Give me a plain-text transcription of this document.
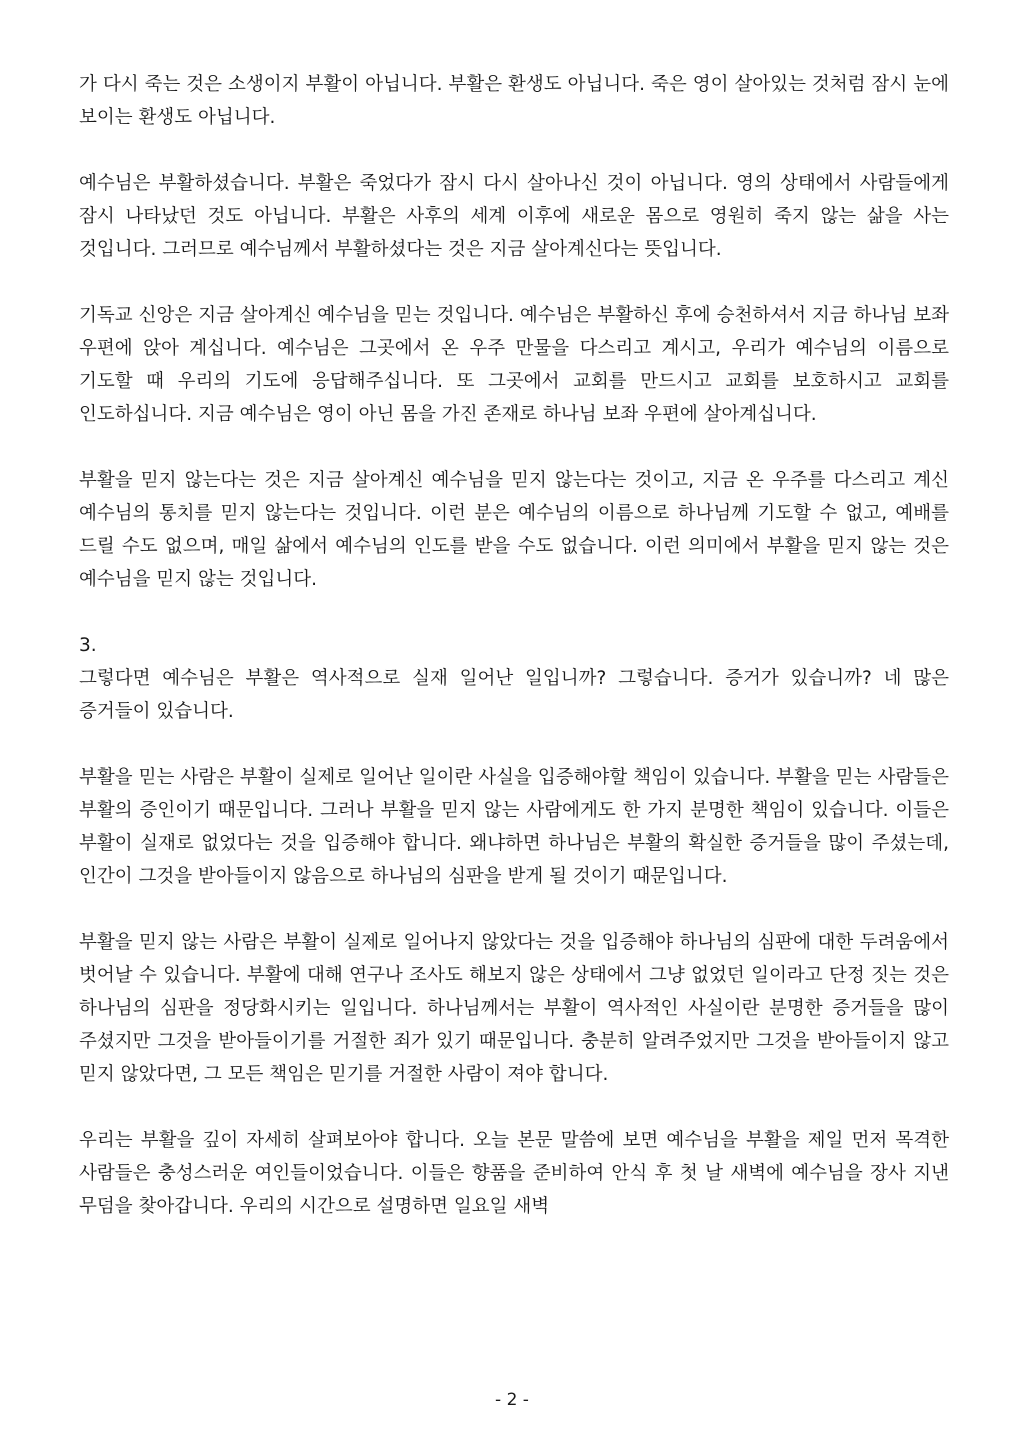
가 다시 죽는 것은 소생이지 부활이 아닙니다. 부활은 환생도 아닙니다. 죽은 영이 살아있는 것처럼 잠시 눈에 보이는 환생도 아닙니다.

예수님은 부활하셨습니다. 부활은 죽었다가 잠시 다시 살아나신 것이 아닙니다. 영의 상태에서 사람들에게 잠시 나타났던 것도 아닙니다. 부활은 사후의 세계 이후에 새로운 몸으로 영원히 죽지 않는 삶을 사는 것입니다. 그러므로 예수님께서 부활하셨다는 것은 지금 살아계신다는 뜻입니다.

기독교 신앙은 지금 살아계신 예수님을 믿는 것입니다. 예수님은 부활하신 후에 승천하셔서 지금 하나님 보좌 우편에 앉아 계십니다. 예수님은 그곳에서 온 우주 만물을 다스리고 계시고, 우리가 예수님의 이름으로 기도할 때 우리의 기도에 응답해주십니다. 또 그곳에서 교회를 만드시고 교회를 보호하시고 교회를 인도하십니다. 지금 예수님은 영이 아닌 몸을 가진 존재로 하나님 보좌 우편에 살아계십니다.

부활을 믿지 않는다는 것은 지금 살아계신 예수님을 믿지 않는다는 것이고, 지금 온 우주를 다스리고 계신 예수님의 통치를 믿지 않는다는 것입니다. 이런 분은 예수님의 이름으로 하나님께 기도할 수 없고, 예배를 드릴 수도 없으며, 매일 삶에서 예수님의 인도를 받을 수도 없습니다. 이런 의미에서 부활을 믿지 않는 것은 예수님을 믿지 않는 것입니다.

3.

그렇다면 예수님은 부활은 역사적으로 실재 일어난 일입니까? 그렇습니다. 증거가 있습니까? 네 많은 증거들이 있습니다.

부활을 믿는 사람은 부활이 실제로 일어난 일이란 사실을 입증해야할 책임이 있습니다. 부활을 믿는 사람들은 부활의 증인이기 때문입니다. 그러나 부활을 믿지 않는 사람에게도 한 가지 분명한 책임이 있습니다. 이들은 부활이 실재로 없었다는 것을 입증해야 합니다. 왜냐하면 하나님은 부활의 확실한 증거들을 많이 주셨는데, 인간이 그것을 받아들이지 않음으로 하나님의 심판을 받게 될 것이기 때문입니다.

부활을 믿지 않는 사람은 부활이 실제로 일어나지 않았다는 것을 입증해야 하나님의 심판에 대한 두려움에서 벗어날 수 있습니다. 부활에 대해 연구나 조사도 해보지 않은 상태에서 그냥 없었던 일이라고 단정 짓는 것은 하나님의 심판을 정당화시키는 일입니다. 하나님께서는 부활이 역사적인 사실이란 분명한 증거들을 많이 주셨지만 그것을 받아들이기를 거절한 죄가 있기 때문입니다. 충분히 알려주었지만 그것을 받아들이지 않고 믿지 않았다면, 그 모든 책임은 믿기를 거절한 사람이 져야 합니다.

우리는 부활을 깊이 자세히 살펴보아야 합니다. 오늘 본문 말씀에 보면 예수님을 부활을 제일 먼저 목격한 사람들은 충성스러운 여인들이었습니다. 이들은 향품을 준비하여 안식 후 첫 날 새벽에 예수님을 장사 지낸 무덤을 찾아갑니다. 우리의 시간으로 설명하면 일요일 새벽

- 2 -
